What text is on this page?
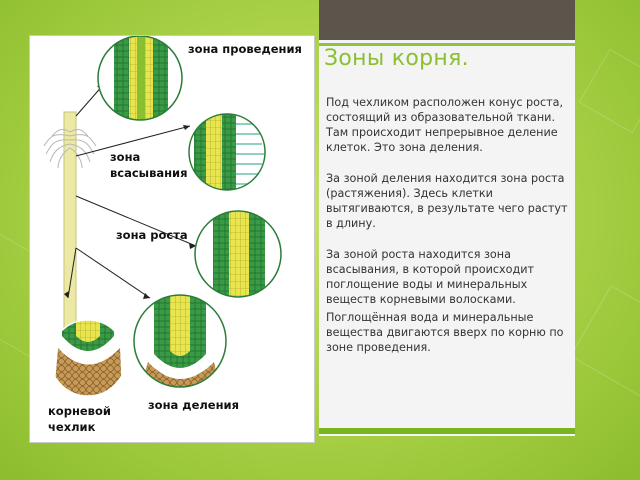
Зоны корня.

Под чехликом расположен конус роста, состоящий из образовательной ткани. Там происходит непрерывное деление клеток. Это зона деления.

За зоной деления находится зона роста (растяжения). Здесь клетки вытягиваются, в результате чего растут в длину.

За зоной роста находится зона всасывания, в которой происходит поглощение воды и минеральных веществ корневыми волосками.

Поглощённая вода и минеральные вещества двигаются вверх по корню по зоне проведения.

зона проведения
зона
всасывания
зона роста
зона деления
корневой
чехлик
